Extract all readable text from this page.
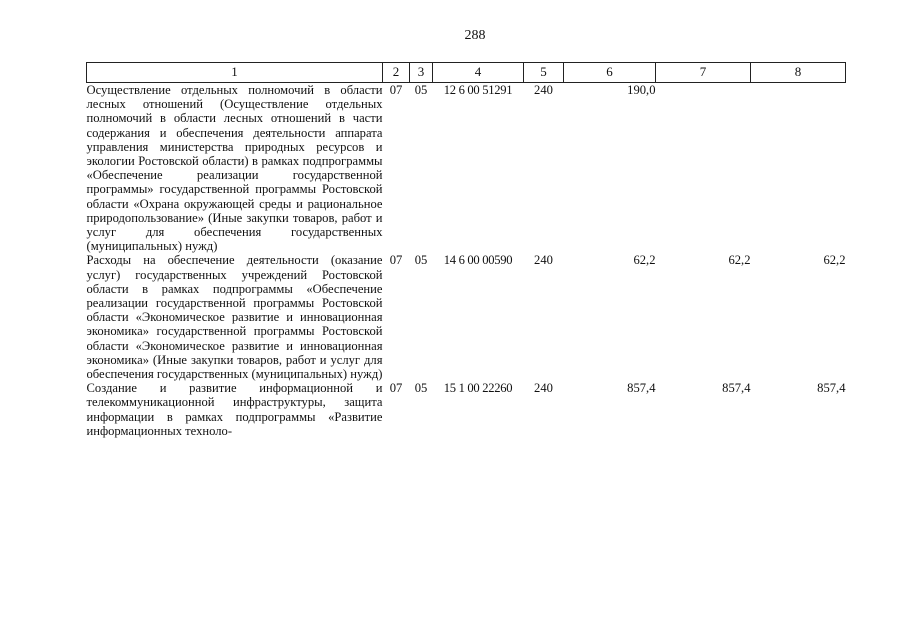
288
1	2	3	4	5	6	7	8
Осуществление отдельных полномочий в области лесных отношений (Осуществление отдельных полномочий в области лесных отношений в части содержания и обеспечения деятельности аппарата управления министерства природных ресурсов и экологии Ростовской области) в рамках подпрограммы «Обеспечение реализации государственной программы» государственной программы Ростовской области «Охрана окружающей среды и рациональное природопользование» (Иные закупки товаров, работ и услуг для обеспечения государственных (муниципальных) нужд)	07	05	12 6 00 51291	240	190,0		
Расходы на обеспечение деятельности (оказание услуг) государственных учреждений Ростовской области в рамках подпрограммы «Обеспечение реализации государственной программы Ростовской области «Экономическое развитие и инновационная экономика» государственной программы Ростовской области «Экономическое развитие и инновационная экономика» (Иные закупки товаров, работ и услуг для обеспечения государственных (муниципальных) нужд)	07	05	14 6 00 00590	240	62,2	62,2	62,2
Создание и развитие информационной и телекоммуникационной инфраструктуры, защита информации в рамках подпрограммы «Развитие информационных техноло-	07	05	15 1 00 22260	240	857,4	857,4	857,4
